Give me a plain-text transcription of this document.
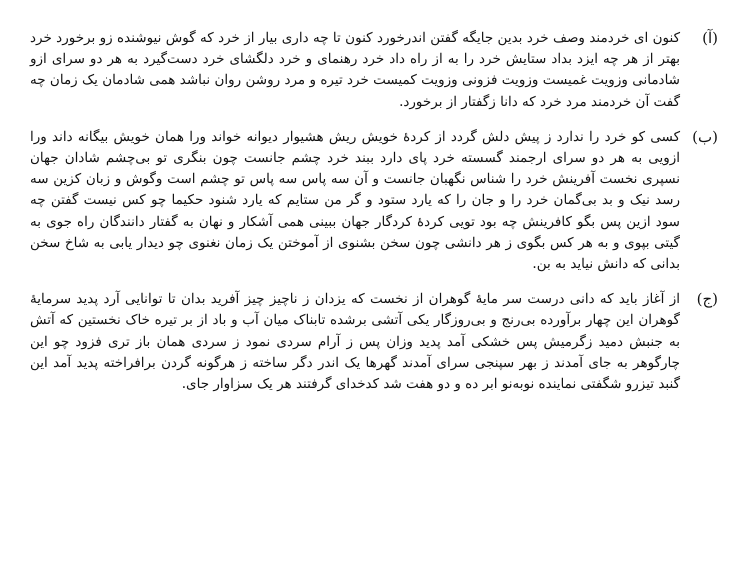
(آ)

کنون ای خردمند وصف خرد بدین جایگه گفتن اندرخورد کنون تا چه داری بیار از خرد که گوش نیوشنده زو برخورد خرد بهتر از هر چه ایزد بداد ستایش خرد را به از راه داد خرد رهنمای و خرد دلگشای خرد دست‌گیرد به هر دو سرای ازو شادمانی وزویت غمیست وزویت فزونی وزویت کمیست خرد تیره و مرد روشن روان نباشد همی شادمان یک زمان چه گفت آن خردمند مرد خرد که دانا زگفتار از برخورد.

(ب)

کسی کو خرد را ندارد ز پیش دلش گردد از کردهٔ خویش ریش هشیوار دیوانه خواند ورا همان خویش بیگانه داند ورا ازویی به هر دو سرای ارجمند گسسته خرد پای دارد ببند خرد چشم جانست چون بنگری تو بی‌چشم شادان جهان نسپری نخست آفرینش خرد را شناس نگهبان جانست و آن سه پاس سه پاس تو چشم است وگوش و زبان کزین سه رسد نیک و بد بی‌گمان خرد را و جان را که یارد ستود و گر من ستایم که یارد شنود حکیما چو کس نیست گفتن چه سود ازین پس بگو کافرینش چه بود تویی کردهٔ کردگار جهان ببینی همی آشکار و نهان به گفتار دانندگان راه جوی به گیتی بپوی و به هر کس بگوی ز هر دانشی چون سخن بشنوی از آموختن یک زمان نغنوی چو دیدار یابی به شاخ سخن بدانی که دانش نیاید به بن.

(ج)

از آغاز باید که دانی درست سر مایهٔ گوهران از نخست که یزدان ز ناچیز چیز آفرید بدان تا توانایی آرد پدید سرمایهٔ گوهران این چهار برآورده بی‌رنج و بی‌روزگار یکی آتشی برشده تابناک میان آب و باد از بر تیره خاک نخستین که آتش به جنبش دمید زگرمیش پس خشکی آمد پدید وزان پس ز آرام سردی نمود ز سردی همان باز تری فزود چو این چارگوهر به جای آمدند ز بهر سپنجی سرای آمدند گهرها یک اندر دگر ساخته ز هرگونه گردن برافراخته پدید آمد این گنبد تیزرو شگفتی نماینده نوبه‌نو ابر ده و دو هفت شد کدخدای گرفتند هر یک سزاوار جای.
